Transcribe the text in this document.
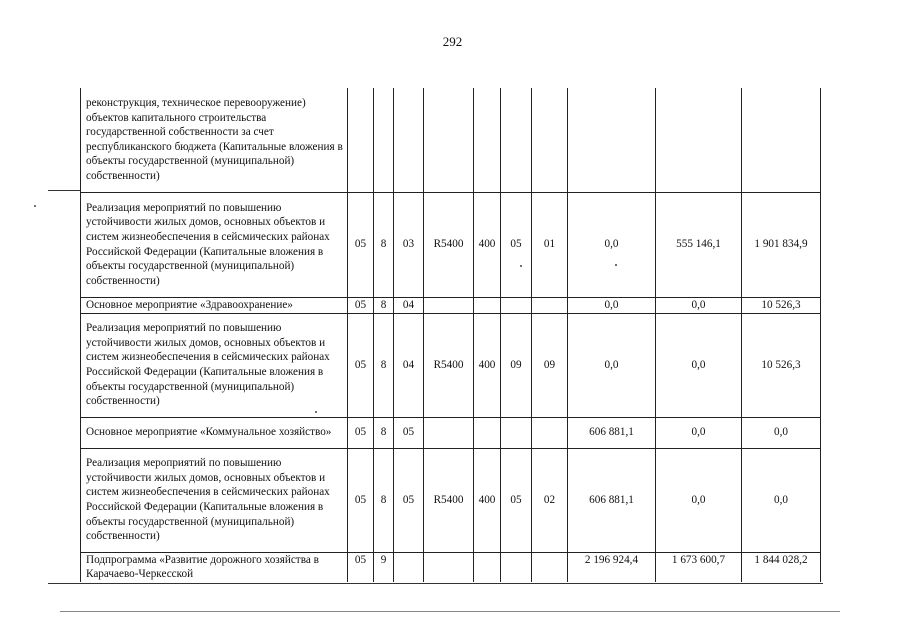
292
реконструкция, техническое перевооружение) объектов капитального строительства государственной собственности за счет республиканского бюджета (Капитальные вложения в объекты государственной (муниципальной) собственности)										
Реализация мероприятий по повышению устойчивости жилых домов, основных объектов и систем жизнеобеспечения в сейсмических районах Российской Федерации (Капитальные вложения в объекты государственной (муниципальной) собственности)	05	8	03	R5400	400	05	01	0,0	555 146,1	1 901 834,9
Основное мероприятие «Здравоохранение»	05	8	04					0,0	0,0	10 526,3
Реализация мероприятий по повышению устойчивости жилых домов, основных объектов и систем жизнеобеспечения в сейсмических районах Российской Федерации (Капитальные вложения в объекты государственной (муниципальной) собственности)	05	8	04	R5400	400	09	09	0,0	0,0	10 526,3
Основное мероприятие «Коммунальное хозяйство»	05	8	05					606 881,1	0,0	0,0
Реализация мероприятий по повышению устойчивости жилых домов, основных объектов и систем жизнеобеспечения в сейсмических районах Российской Федерации (Капитальные вложения в объекты государственной (муниципальной) собственности)	05	8	05	R5400	400	05	02	606 881,1	0,0	0,0
Подпрограмма «Развитие дорожного хозяйства в Карачаево-Черкесской	05	9						2 196 924,4	1 673 600,7	1 844 028,2
